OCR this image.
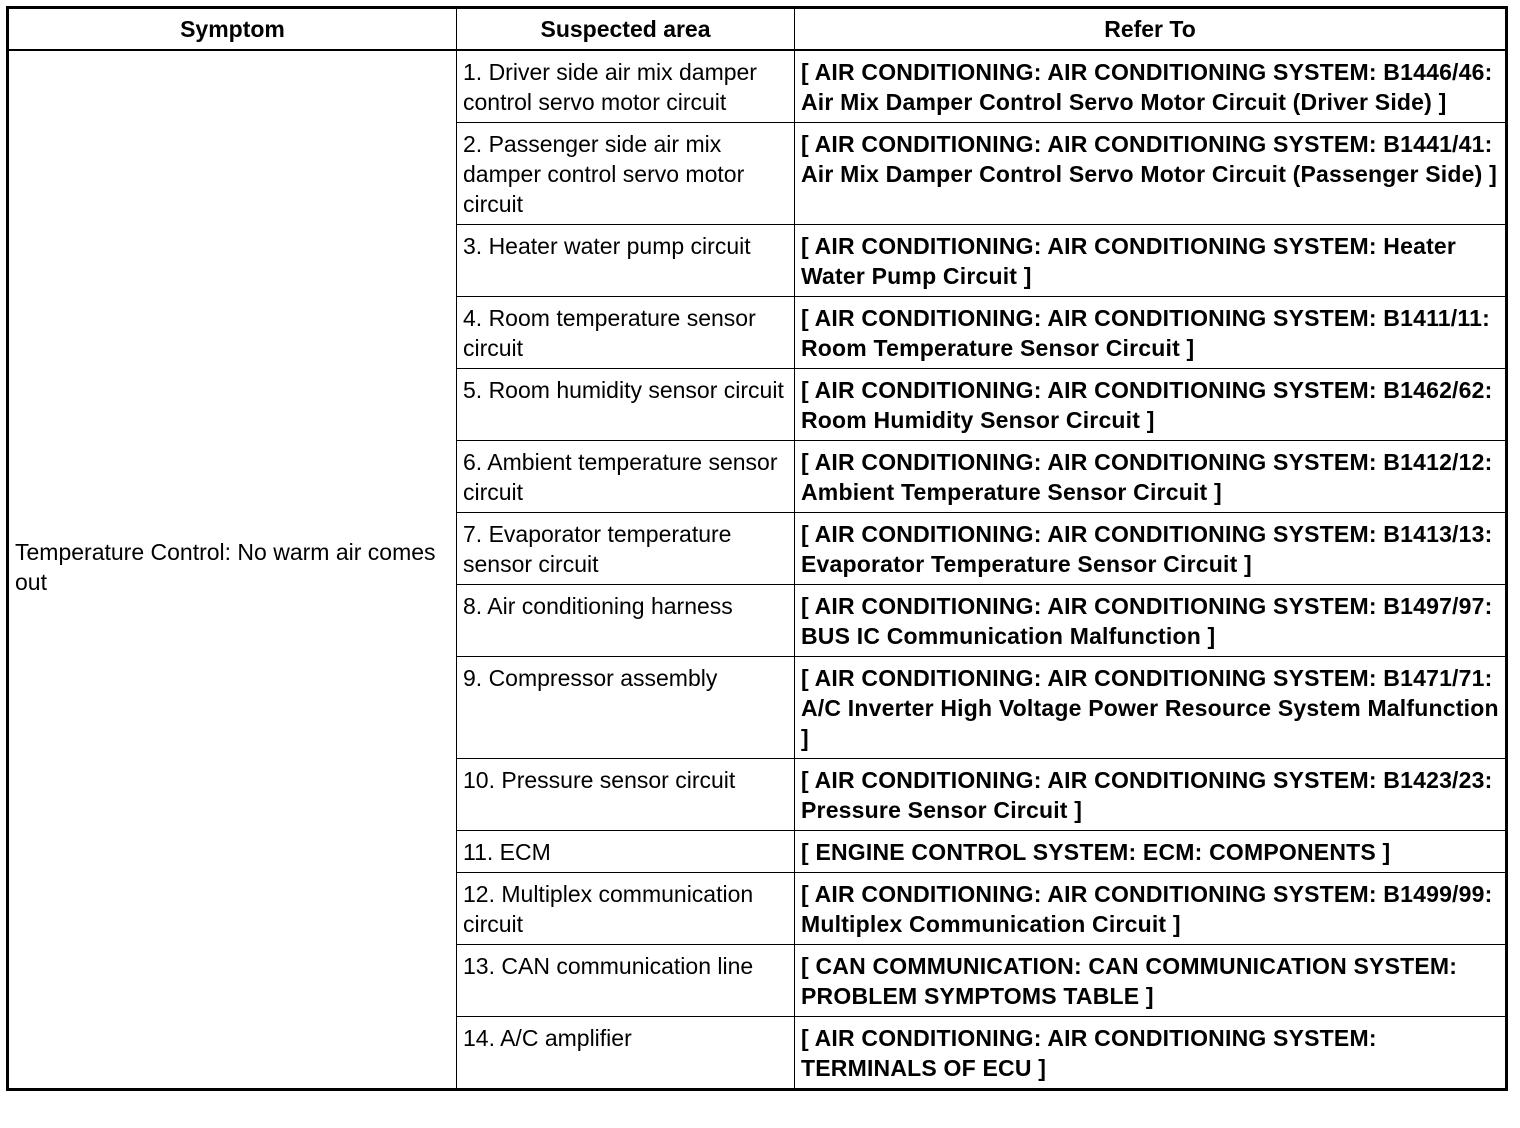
Symptom	Suspected area	Refer To
Temperature Control: No warm air comes out	1. Driver side air mix damper control servo motor circuit	[ AIR CONDITIONING: AIR CONDITIONING SYSTEM: B1446/46: Air Mix Damper Control Servo Motor Circuit (Driver Side) ]
	2. Passenger side air mix damper control servo motor circuit	[ AIR CONDITIONING: AIR CONDITIONING SYSTEM: B1441/41: Air Mix Damper Control Servo Motor Circuit (Passenger Side) ]
	3. Heater water pump circuit	[ AIR CONDITIONING: AIR CONDITIONING SYSTEM: Heater Water Pump Circuit ]
	4. Room temperature sensor circuit	[ AIR CONDITIONING: AIR CONDITIONING SYSTEM: B1411/11: Room Temperature Sensor Circuit ]
	5. Room humidity sensor circuit	[ AIR CONDITIONING: AIR CONDITIONING SYSTEM: B1462/62: Room Humidity Sensor Circuit ]
	6. Ambient temperature sensor circuit	[ AIR CONDITIONING: AIR CONDITIONING SYSTEM: B1412/12: Ambient Temperature Sensor Circuit ]
	7. Evaporator temperature sensor circuit	[ AIR CONDITIONING: AIR CONDITIONING SYSTEM: B1413/13: Evaporator Temperature Sensor Circuit ]
	8. Air conditioning harness	[ AIR CONDITIONING: AIR CONDITIONING SYSTEM: B1497/97: BUS IC Communication Malfunction ]
	9. Compressor assembly	[ AIR CONDITIONING: AIR CONDITIONING SYSTEM: B1471/71: A/C Inverter High Voltage Power Resource System Malfunction ]
	10. Pressure sensor circuit	[ AIR CONDITIONING: AIR CONDITIONING SYSTEM: B1423/23: Pressure Sensor Circuit ]
	11. ECM	[ ENGINE CONTROL SYSTEM: ECM: COMPONENTS ]
	12. Multiplex communication circuit	[ AIR CONDITIONING: AIR CONDITIONING SYSTEM: B1499/99: Multiplex Communication Circuit ]
	13. CAN communication line	[ CAN COMMUNICATION: CAN COMMUNICATION SYSTEM: PROBLEM SYMPTOMS TABLE ]
	14. A/C amplifier	[ AIR CONDITIONING: AIR CONDITIONING SYSTEM: TERMINALS OF ECU ]
